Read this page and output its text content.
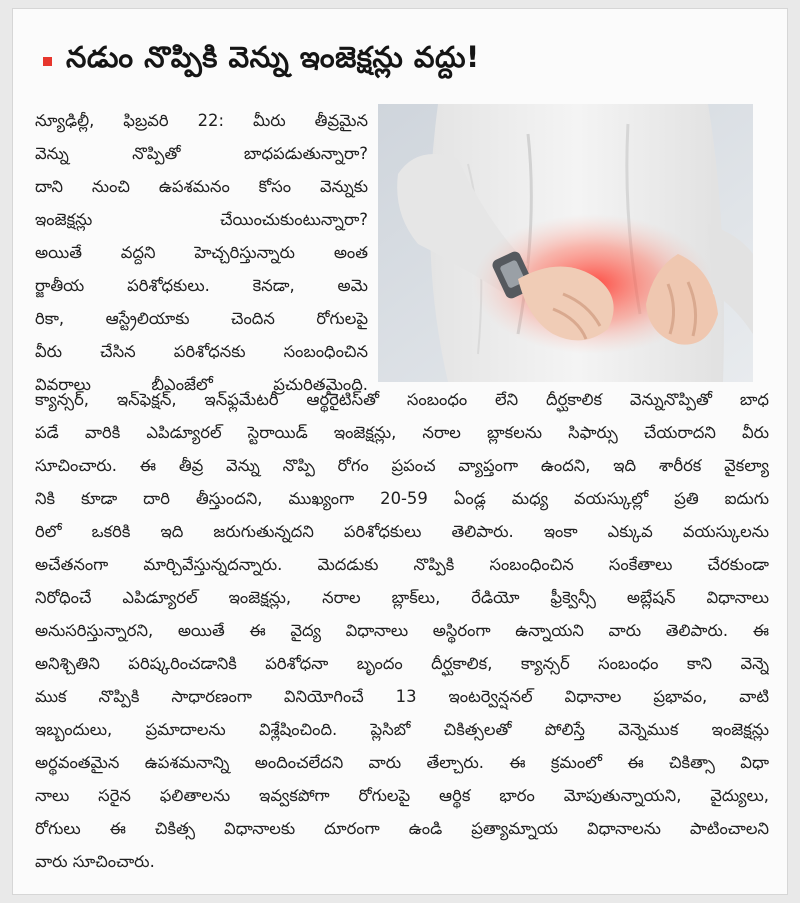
నడుం నొప్పికి వెన్ను ఇంజెక్షన్లు వద్దు!
న్యూఢిల్లీ, ఫిబ్రవరి 22: మీరు తీవ్రమైన
వెన్ను నొప్పితో బాధపడుతున్నారా?
దాని నుంచి ఉపశమనం కోసం వెన్నుకు
ఇంజెక్షన్లు చేయించుకుంటున్నారా?
అయితే వద్దని హెచ్చరిస్తున్నారు అంత
ర్జాతీయ పరిశోధకులు. కెనడా, అమె
రికా, ఆస్ట్రేలియాకు చెందిన రోగులపై
వీరు చేసిన పరిశోధనకు సంబంధించిన
వివరాలు బీఎంజేలో ప్రచురితమైంది.
క్యాన్సర్, ఇన్‌ఫెక్షన్, ఇన్‌ఫ్లమేటరీ ఆర్థరైటిస్‌తో సంబంధం లేని దీర్ఘకాలిక వెన్నునొప్పితో బాధ
పడే వారికి ఎపిడ్యూరల్ స్టెరాయిడ్ ఇంజెక్షన్లు, నరాల బ్లాకలను సిఫార్సు చేయరాదని వీరు
సూచించారు. ఈ తీవ్ర వెన్ను నొప్పి రోగం ప్రపంచ వ్యాప్తంగా ఉందని, ఇది శారీరక వైకల్యా
నికి కూడా దారి తీస్తుందని, ముఖ్యంగా 20-59 ఏండ్ల మధ్య వయస్కుల్లో ప్రతి ఐదుగు
రిలో ఒకరికి ఇది జరుగుతున్నదని పరిశోధకులు తెలిపారు. ఇంకా ఎక్కువ వయస్కులను
అచేతనంగా మార్చివేస్తున్నదన్నారు. మెదడుకు నొప్పికి సంబంధించిన సంకేతాలు చేరకుండా
నిరోధించే ఎపిడ్యూరల్ ఇంజెక్షన్లు, నరాల బ్లాక్‌లు, రేడియో ఫ్రీక్వెన్సీ అబ్లేషన్ విధానాలు
అనుసరిస్తున్నారని, అయితే ఈ వైద్య విధానాలు అస్థిరంగా ఉన్నాయని వారు తెలిపారు. ఈ
అనిశ్చితిని పరిష్కరించడానికి పరిశోధనా బృందం దీర్ఘకాలిక, క్యాన్సర్ సంబంధం కాని వెన్నె
ముక నొప్పికి సాధారణంగా వినియోగించే 13 ఇంటర్వెన్షనల్ విధానాల ప్రభావం, వాటి
ఇబ్బందులు, ప్రమాదాలను విశ్లేషించింది. ప్లెసిబో చికిత్సలతో పోలిస్తే వెన్నెముక ఇంజెక్షన్లు
అర్థవంతమైన ఉపశమనాన్ని అందించలేదని వారు తేల్చారు. ఈ క్రమంలో ఈ చికిత్సా విధా
నాలు సరైన ఫలితాలను ఇవ్వకపోగా రోగులపై ఆర్థిక భారం మోపుతున్నాయని, వైద్యులు,
రోగులు ఈ చికిత్స విధానాలకు దూరంగా ఉండి ప్రత్యామ్నాయ విధానాలను పాటించాలని
వారు సూచించారు.
